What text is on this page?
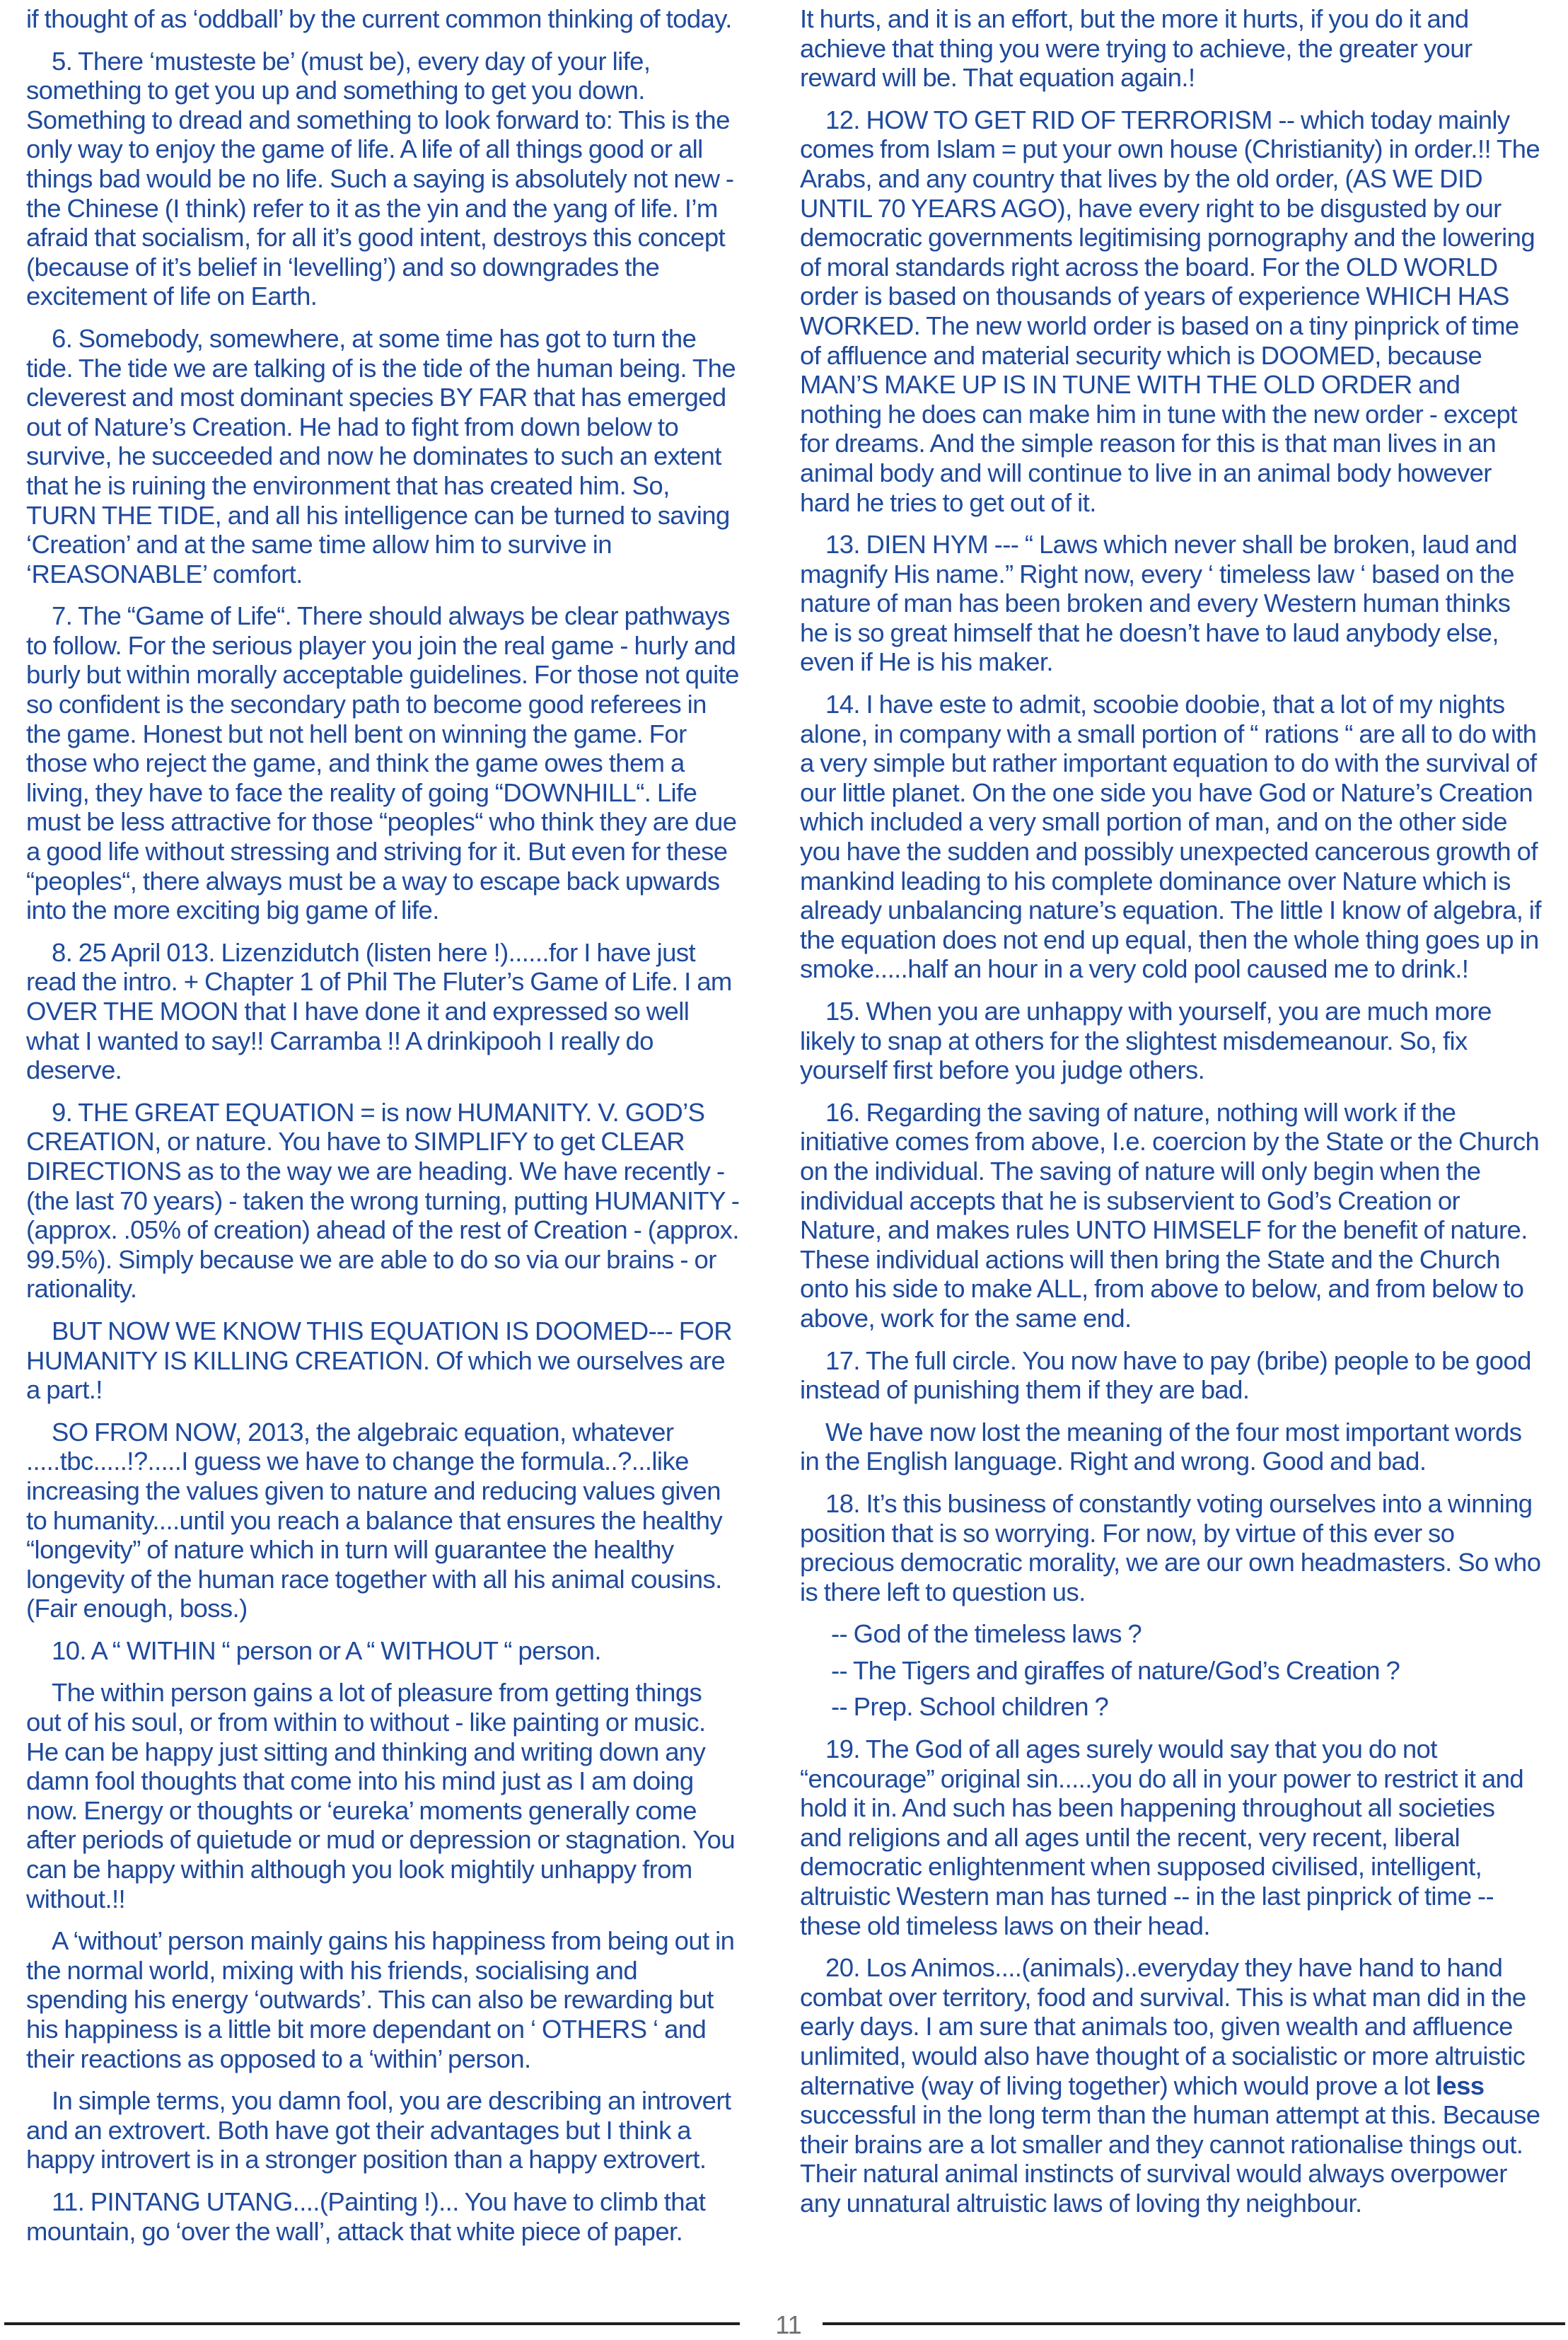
if thought of as ‘oddball’ by the current common thinking of today.

5. There ‘musteste be’ (must be), every day of your life, something to get you up and something to get you down. Something to dread and something to look forward to: This is the only way to enjoy the game of life. A life of all things good or all things bad would be no life. Such a saying is absolutely not new - the Chinese (I think) refer to it as the yin and the yang of life. I’m afraid that socialism, for all it’s good intent, destroys this concept (because of it’s belief in ‘levelling’) and so downgrades the excitement of life on Earth.

6. Somebody, somewhere, at some time has got to turn the tide. The tide we are talking of is the tide of the human being. The cleverest and most dominant species BY FAR that has emerged out of Nature’s Creation. He had to fight from down below to survive, he succeeded and now he dominates to such an extent that he is ruining the environment that has created him. So, TURN THE TIDE, and all his intelligence can be turned to saving ‘Creation’ and at the same time allow him to survive in ‘REASONABLE’ comfort.

7. The “Game of Life“. There should always be clear pathways to follow. For the serious player you join the real game - hurly and burly but within morally acceptable guidelines. For those not quite so confident is the secondary path to become good referees in the game. Honest but not hell bent on winning the game. For those who reject the game, and think the game owes them a living, they have to face the reality of going “DOWNHILL“. Life must be less attractive for those “peoples“ who think they are due a good life without stressing and striving for it. But even for these “peoples“, there always must be a way to escape back upwards into the more exciting big game of life.

8. 25 April 013. Lizenzidutch (listen here !)......for I have just read the intro. + Chapter 1 of Phil The Fluter’s Game of Life. I am OVER THE MOON that I have done it and expressed so well what I wanted to say!! Carramba !! A drinkipooh I really do deserve.

9. THE GREAT EQUATION = is now HUMANITY. V. GOD’S CREATION, or nature. You have to SIMPLIFY to get CLEAR DIRECTIONS as to the way we are heading. We have recently - (the last 70 years) - taken the wrong turning, putting HUMANITY - (approx. .05% of creation) ahead of the rest of Creation - (approx. 99.5%). Simply because we are able to do so via our brains - or rationality.

BUT NOW WE KNOW THIS EQUATION IS DOOMED--- FOR HUMANITY IS KILLING CREATION. Of which we ourselves are a part.!

SO FROM NOW, 2013, the algebraic equation, whatever .....tbc.....!?.....I guess we have to change the formula..?...like increasing the values given to nature and reducing values given to humanity....until you reach a balance that ensures the healthy “longevity” of nature which in turn will guarantee the healthy longevity of the human race together with all his animal cousins. (Fair enough, boss.)

10. A “ WITHIN “ person or A “ WITHOUT “ person.

The within person gains a lot of pleasure from getting things out of his soul, or from within to without - like painting or music. He can be happy just sitting and thinking and writing down any damn fool thoughts that come into his mind just as I am doing now. Energy or thoughts or ‘eureka’ moments generally come after periods of quietude or mud or depression or stagnation. You can be happy within although you look mightily unhappy from without.!!

A ‘without’ person mainly gains his happiness from being out in the normal world, mixing with his friends, socialising and spending his energy ‘outwards’. This can also be rewarding but his happiness is a little bit more dependant on ‘ OTHERS ‘ and their reactions as opposed to a ‘within’ person.

In simple terms, you damn fool, you are describing an introvert and an extrovert. Both have got their advantages but I think a happy introvert is in a stronger position than a happy extrovert.

11. PINTANG UTANG....(Painting !)... You have to climb that mountain, go ‘over the wall’, attack that white piece of paper.

It hurts, and it is an effort, but the more it hurts, if you do it and achieve that thing you were trying to achieve, the greater your reward will be. That equation again.!

12. HOW TO GET RID OF TERRORISM -- which today mainly comes from Islam = put your own house (Christianity) in order.!! The Arabs, and any country that lives by the old order, (AS WE DID UNTIL 70 YEARS AGO), have every right to be disgusted by our democratic governments legitimising pornography and the lowering of moral standards right across the board. For the OLD WORLD order is based on thousands of years of experience WHICH HAS WORKED. The new world order is based on a tiny pinprick of time of affluence and material security which is DOOMED, because MAN’S MAKE UP IS IN TUNE WITH THE OLD ORDER and nothing he does can make him in tune with the new order - except for dreams. And the simple reason for this is that man lives in an animal body and will continue to live in an animal body however hard he tries to get out of it.

13. DIEN HYM --- “ Laws which never shall be broken, laud and magnify His name.” Right now, every ‘ timeless law ‘ based on the nature of man has been broken and every Western human thinks he is so great himself that he doesn’t have to laud anybody else, even if He is his maker.

14. I have este to admit, scoobie doobie, that a lot of my nights alone, in company with a small portion of “ rations “ are all to do with a very simple but rather important equation to do with the survival of our little planet. On the one side you have God or Nature’s Creation which included a very small portion of man, and on the other side you have the sudden and possibly unexpected cancerous growth of mankind leading to his complete dominance over Nature which is already unbalancing nature’s equation. The little I know of algebra, if the equation does not end up equal, then the whole thing goes up in smoke.....half an hour in a very cold pool caused me to drink.!

15. When you are unhappy with yourself, you are much more likely to snap at others for the slightest misdemeanour. So, fix yourself first before you judge others.

16. Regarding the saving of nature, nothing will work if the initiative comes from above, I.e. coercion by the State or the Church on the individual. The saving of nature will only begin when the individual accepts that he is subservient to God’s Creation or Nature, and makes rules UNTO HIMSELF for the benefit of nature. These individual actions will then bring the State and the Church onto his side to make ALL, from above to below, and from below to above, work for the same end.

17. The full circle. You now have to pay (bribe) people to be good instead of punishing them if they are bad.

We have now lost the meaning of the four most important words in the English language. Right and wrong. Good and bad.

18. It’s this business of constantly voting ourselves into a winning position that is so worrying. For now, by virtue of this ever so precious democratic morality, we are our own headmasters. So who is there left to question us.

-- God of the timeless laws ?

-- The Tigers and giraffes of nature/God’s Creation ?

-- Prep. School children ?

19. The God of all ages surely would say that you do not “encourage” original sin.....you do all in your power to restrict it and hold it in. And such has been happening throughout all societies and religions and all ages until the recent, very recent, liberal democratic enlightenment when supposed civilised, intelligent, altruistic Western man has turned -- in the last pinprick of time -- these old timeless laws on their head.

20. Los Animos....(animals)..everyday they have hand to hand combat over territory, food and survival. This is what man did in the early days. I am sure that animals too, given wealth and affluence unlimited, would also have thought of a socialistic or more altruistic alternative (way of living together) which would prove a lot less successful in the long term than the human attempt at this. Because their brains are a lot smaller and they cannot rationalise things out. Their natural animal instincts of survival would always overpower any unnatural altruistic laws of loving thy neighbour.

11
